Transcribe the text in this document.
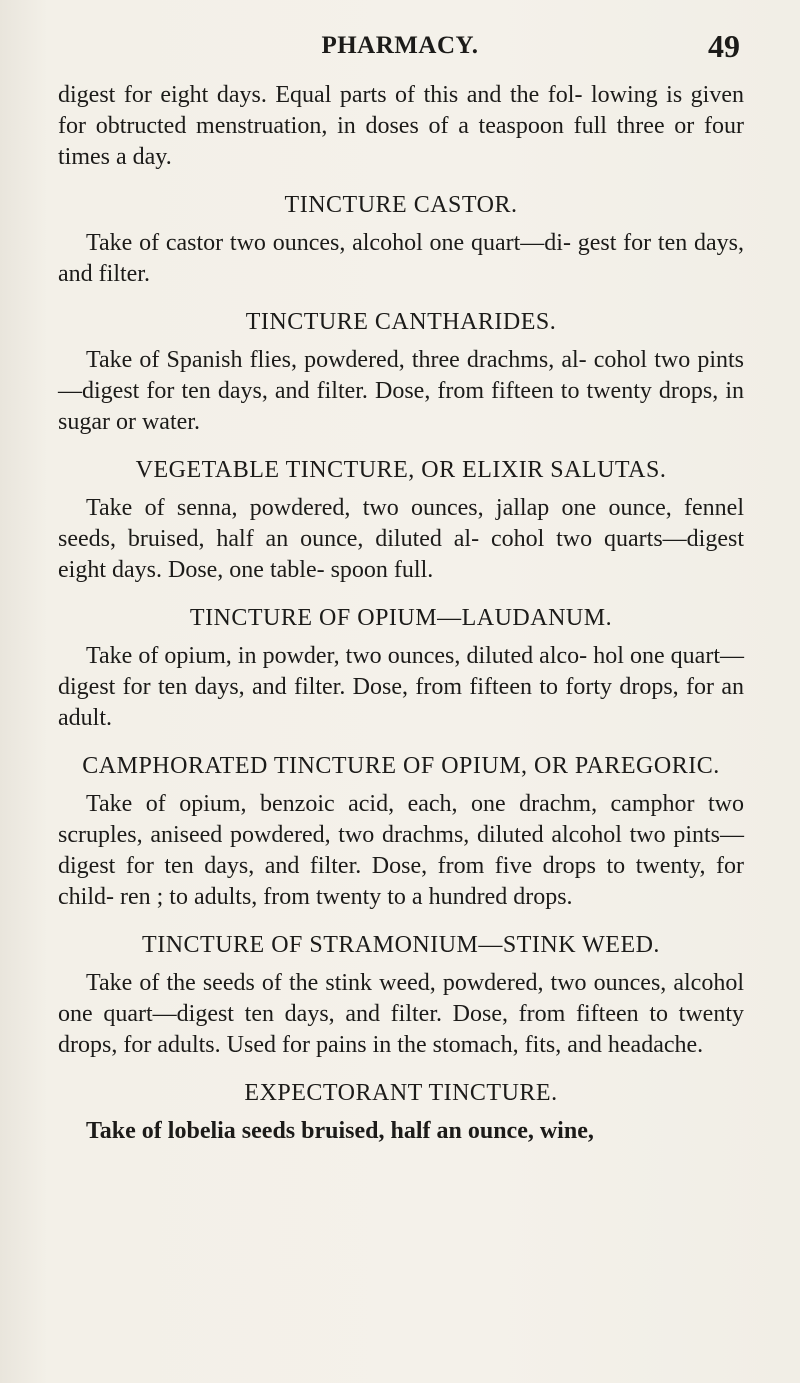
PHARMACY.	49

digest for eight days. Equal parts of this and the fol- lowing is given for obtructed menstruation, in doses of a teaspoon full three or four times a day.

TINCTURE CASTOR.

Take of castor two ounces, alcohol one quart—di- gest for ten days, and filter.

TINCTURE CANTHARIDES.

Take of Spanish flies, powdered, three drachms, al- cohol two pints—digest for ten days, and filter. Dose, from fifteen to twenty drops, in sugar or water.

VEGETABLE TINCTURE, OR ELIXIR SALUTAS.

Take of senna, powdered, two ounces, jallap one ounce, fennel seeds, bruised, half an ounce, diluted al- cohol two quarts—digest eight days. Dose, one table- spoon full.

TINCTURE OF OPIUM—LAUDANUM.

Take of opium, in powder, two ounces, diluted alco- hol one quart—digest for ten days, and filter. Dose, from fifteen to forty drops, for an adult.

CAMPHORATED TINCTURE OF OPIUM, OR PAREGORIC.

Take of opium, benzoic acid, each, one drachm, camphor two scruples, aniseed powdered, two drachms, diluted alcohol two pints—digest for ten days, and filter. Dose, from five drops to twenty, for child- ren ; to adults, from twenty to a hundred drops.

TINCTURE OF STRAMONIUM—STINK WEED.

Take of the seeds of the stink weed, powdered, two ounces, alcohol one quart—digest ten days, and filter. Dose, from fifteen to twenty drops, for adults. Used for pains in the stomach, fits, and headache.

EXPECTORANT TINCTURE.

Take of lobelia seeds bruised, half an ounce, wine,
